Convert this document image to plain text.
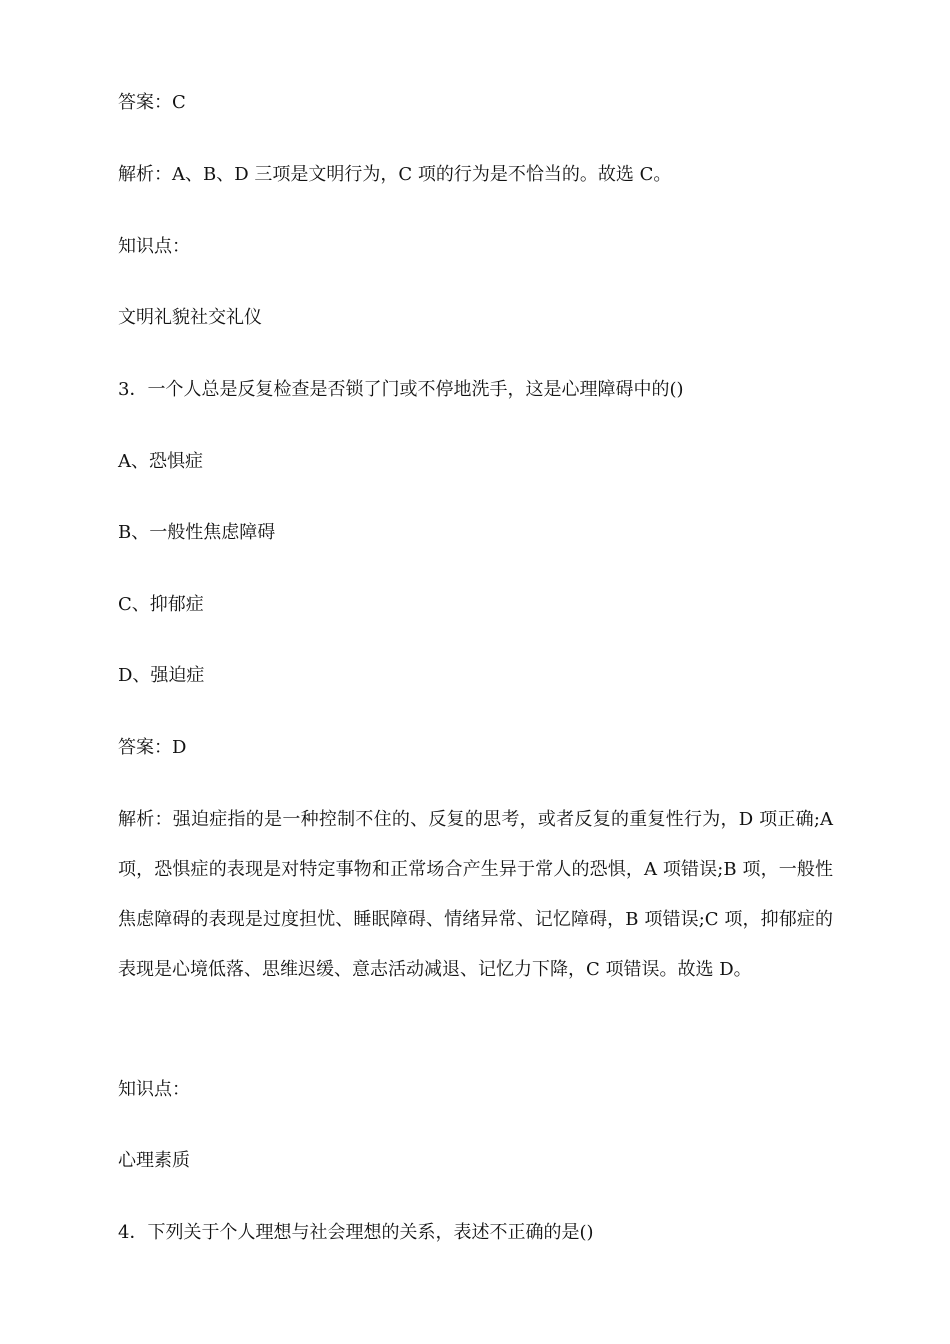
答案：C
解析：A、B、D 三项是文明行为，C 项的行为是不恰当的。故选 C。
知识点：
文明礼貌社交礼仪
3．一个人总是反复检查是否锁了门或不停地洗手，这是心理障碍中的()
A、恐惧症
B、一般性焦虑障碍
C、抑郁症
D、强迫症
答案：D
解析：强迫症指的是一种控制不住的、反复的思考，或者反复的重复性行为，D 项正确;A 项，恐惧症的表现是对特定事物和正常场合产生异于常人的恐惧，A 项错误;B 项，一般性焦虑障碍的表现是过度担忧、睡眠障碍、情绪异常、记忆障碍，B 项错误;C 项，抑郁症的表现是心境低落、思维迟缓、意志活动减退、记忆力下降，C 项错误。故选 D。
知识点：
心理素质
4．下列关于个人理想与社会理想的关系，表述不正确的是()
